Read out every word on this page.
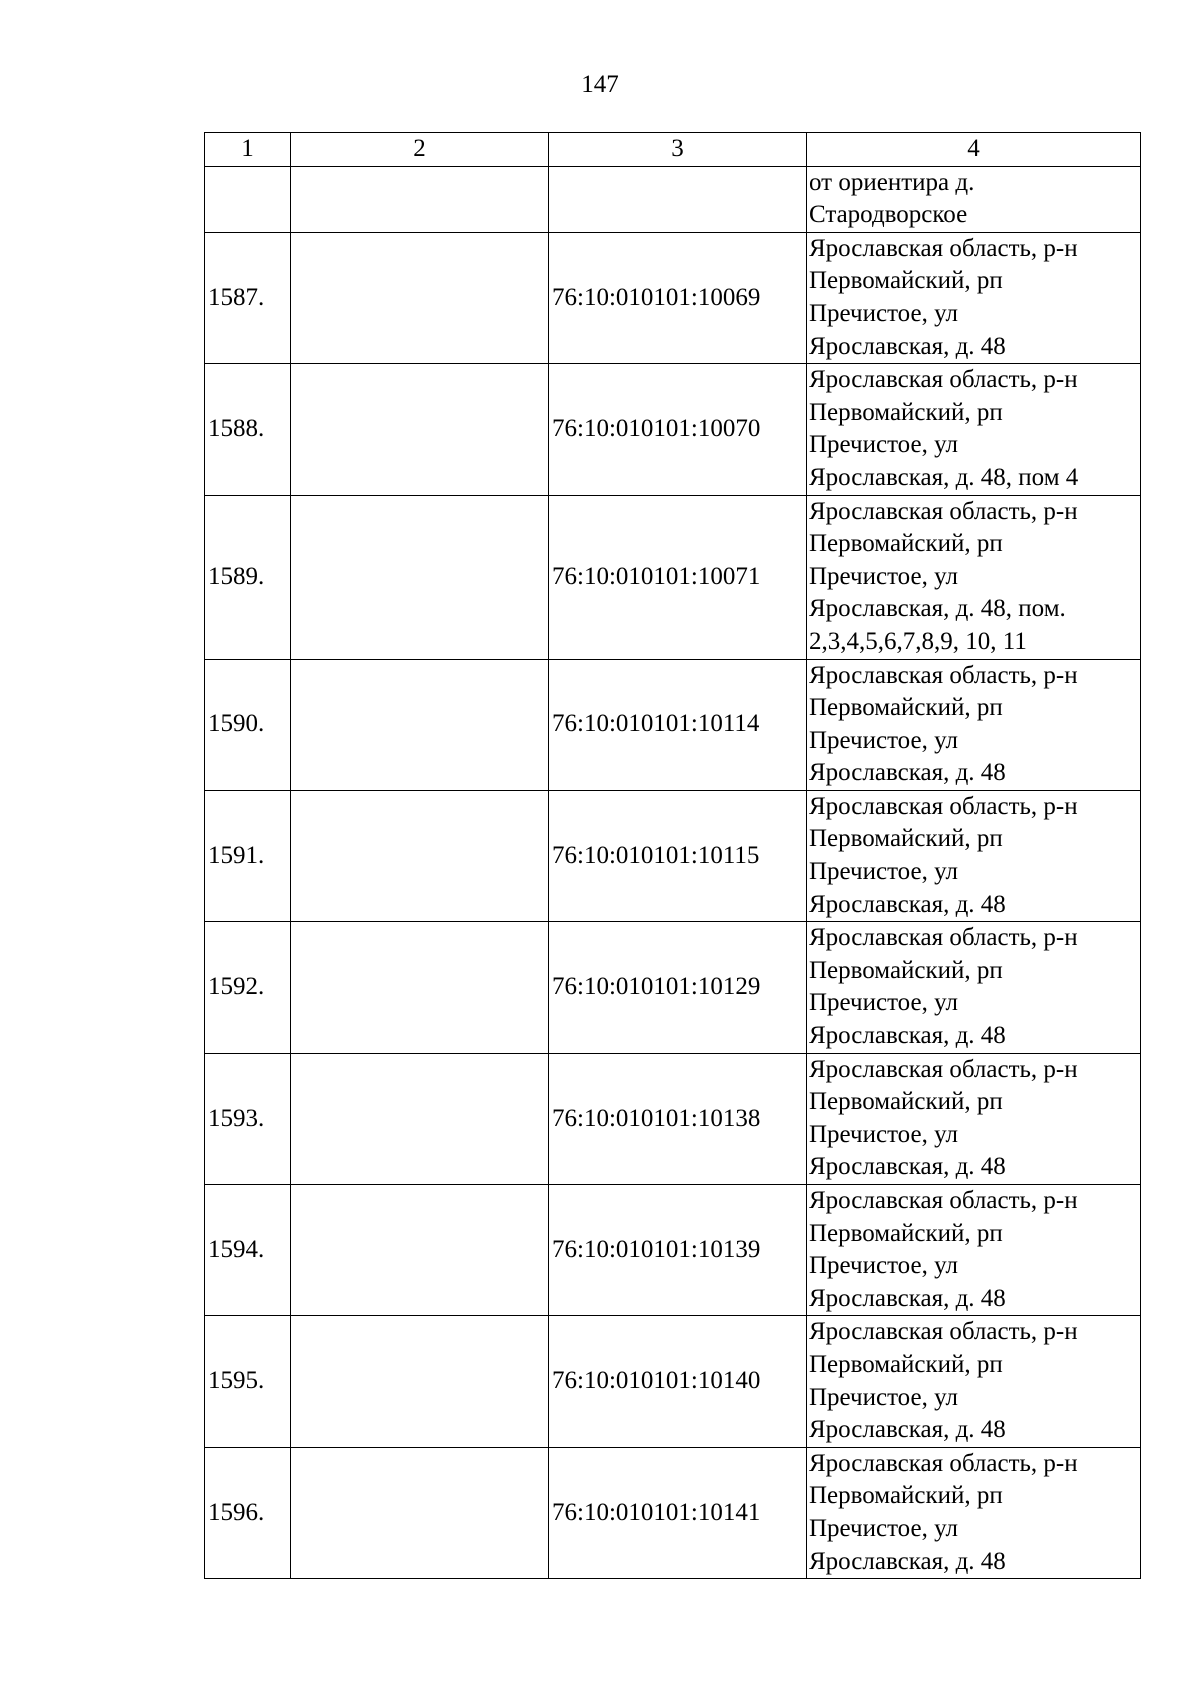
147
1	2	3	4

			от ориентира д.
Стародворское

1587.		76:10:010101:10069	Ярославская область, р-н
Первомайский, рп
Пречистое, ул
Ярославская, д. 48

1588.		76:10:010101:10070	Ярославская область, р-н
Первомайский, рп
Пречистое, ул
Ярославская, д. 48, пом 4

1589.		76:10:010101:10071	Ярославская область, р-н
Первомайский, рп
Пречистое, ул
Ярославская, д. 48, пом.
2,3,4,5,6,7,8,9, 10, 11

1590.		76:10:010101:10114	Ярославская область, р-н
Первомайский, рп
Пречистое, ул
Ярославская, д. 48

1591.		76:10:010101:10115	Ярославская область, р-н
Первомайский, рп
Пречистое, ул
Ярославская, д. 48

1592.		76:10:010101:10129	Ярославская область, р-н
Первомайский, рп
Пречистое, ул
Ярославская, д. 48

1593.		76:10:010101:10138	Ярославская область, р-н
Первомайский, рп
Пречистое, ул
Ярославская, д. 48

1594.		76:10:010101:10139	Ярославская область, р-н
Первомайский, рп
Пречистое, ул
Ярославская, д. 48

1595.		76:10:010101:10140	Ярославская область, р-н
Первомайский, рп
Пречистое, ул
Ярославская, д. 48

1596.		76:10:010101:10141	Ярославская область, р-н
Первомайский, рп
Пречистое, ул
Ярославская, д. 48
